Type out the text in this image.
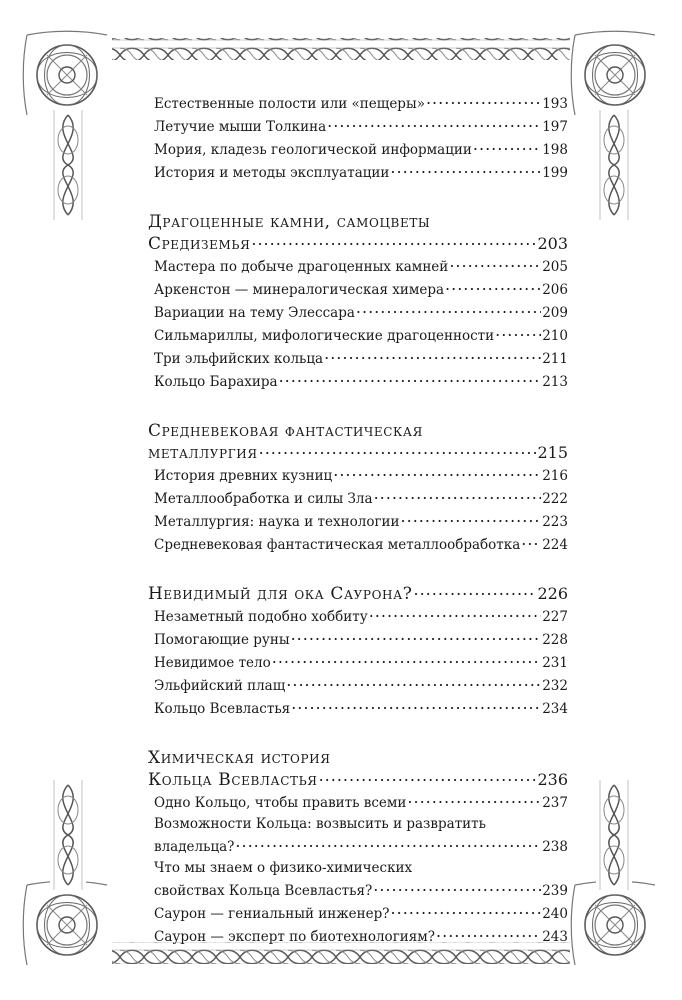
Естественные полости или «пещеры» .....	193
Летучие мыши Толкина .....	197
Мория, кладезь геологической информации .....	198
История и методы эксплуатации .....	199
Драгоценные камни, самоцветы
Средиземья .....	203
Мастера по добыче драгоценных камней .....	205
Аркенстон — минералогическая химера .....	206
Вариации на тему Элессара .....	209
Сильмариллы, мифологические драгоценности .....	210
Три эльфийских кольца .....	211
Кольцо Барахира .....	213
Средневековая фантастическая
металлургия .....	215
История древних кузниц .....	216
Металлообработка и силы Зла .....	222
Металлургия: наука и технологии .....	223
Средневековая фантастическая металлообработка ..... 224
Невидимый для ока Саурона? .....	226
Незаметный подобно хоббиту .....	227
Помогающие руны .....	228
Невидимое тело .....	231
Эльфийский плащ .....	232
Кольцо Всевластья .....	234
Химическая история
Кольца Всевластья .....	236
Одно Кольцо, чтобы править всеми .....	237
Возможности Кольца: возвысить и развратить
владельца? .....	238
Что мы знаем о физико-химических
свойствах Кольца Всевластья? .....	239
Саурон — гениальный инженер? .....	240
Саурон — эксперт по биотехнологиям? .....	243
